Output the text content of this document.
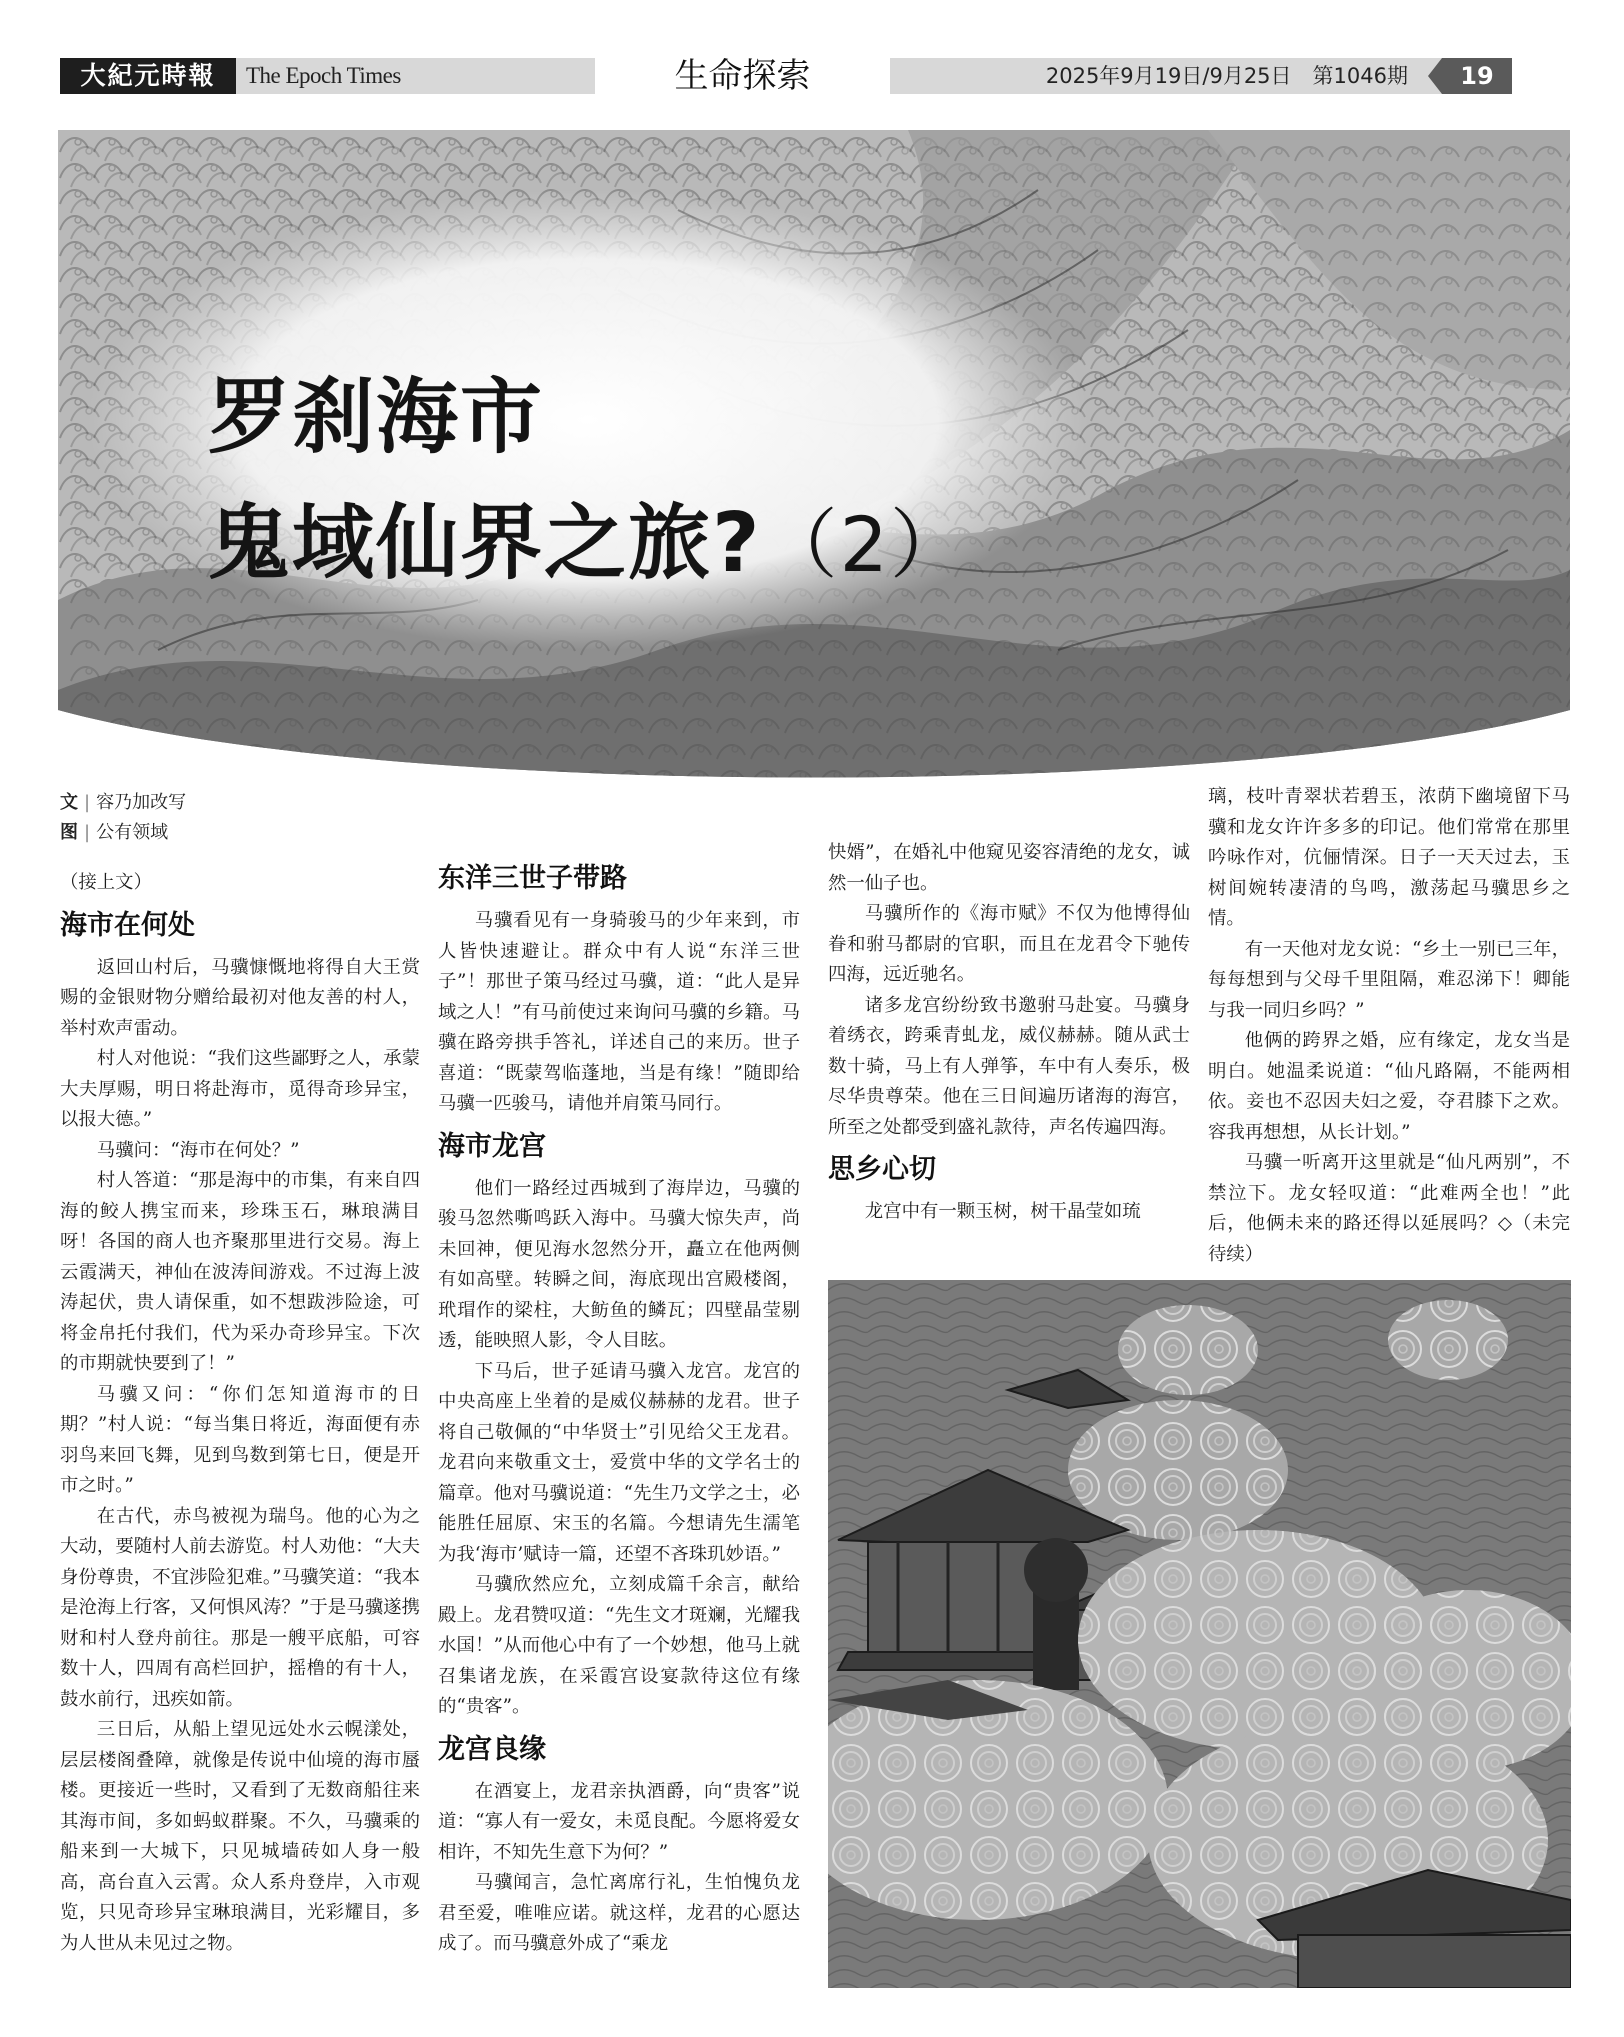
大紀元時報	The Epoch Times	生命探索	2025年9月19日/9月25日　第1046期	19
罗刹海市
鬼域仙界之旅?（2）
文 | 容乃加改写
图 | 公有领域

（接上文）

海市在何处

返回山村后，马骥慷慨地将得自大王赏赐的金银财物分赠给最初对他友善的村人，举村欢声雷动。

村人对他说：“我们这些鄙野之人，承蒙大夫厚赐，明日将赴海市，觅得奇珍异宝，以报大德。”

马骥问：“海市在何处？”

村人答道：“那是海中的市集，有来自四海的鲛人携宝而来，珍珠玉石，琳琅满目呀！各国的商人也齐聚那里进行交易。海上云霞满天，神仙在波涛间游戏。不过海上波涛起伏，贵人请保重，如不想跋涉险途，可将金帛托付我们，代为采办奇珍异宝。下次的市期就快要到了！”

马骥又问：“你们怎知道海市的日期？”村人说：“每当集日将近，海面便有赤羽鸟来回飞舞，见到鸟数到第七日，便是开市之时。”

在古代，赤鸟被视为瑞鸟。他的心为之大动，要随村人前去游览。村人劝他：“大夫身份尊贵，不宜涉险犯难。”马骥笑道：“我本是沧海上行客，又何惧风涛？”于是马骥遂携财和村人登舟前往。那是一艘平底船，可容数十人，四周有高栏回护，摇橹的有十人，鼓水前行，迅疾如箭。

三日后，从船上望见远处水云幌漾处，层层楼阁叠障，就像是传说中仙境的海市蜃楼。更接近一些时，又看到了无数商船往来其海市间，多如蚂蚁群聚。不久，马骥乘的船来到一大城下，只见城墙砖如人身一般高，高台直入云霄。众人系舟登岸，入市观览，只见奇珍异宝琳琅满目，光彩耀目，多为人世从未见过之物。

东洋三世子带路

马骥看见有一身骑骏马的少年来到，市人皆快速避让。群众中有人说“东洋三世子”！那世子策马经过马骥，道：“此人是异域之人！”有马前使过来询问马骥的乡籍。马骥在路旁拱手答礼，详述自己的来历。世子喜道：“既蒙驾临蓬地，当是有缘！”随即给马骥一匹骏马，请他并肩策马同行。

海市龙宫

他们一路经过西城到了海岸边，马骥的骏马忽然嘶鸣跃入海中。马骥大惊失声，尚未回神，便见海水忽然分开，矗立在他两侧有如高壁。转瞬之间，海底现出宫殿楼阁，玳瑁作的梁柱，大鲂鱼的鳞瓦；四壁晶莹剔透，能映照人影，令人目眩。

下马后，世子延请马骥入龙宫。龙宫的中央高座上坐着的是威仪赫赫的龙君。世子将自己敬佩的“中华贤士”引见给父王龙君。龙君向来敬重文士，爱赏中华的文学名士的篇章。他对马骥说道：“先生乃文学之士，必能胜任屈原、宋玉的名篇。今想请先生濡笔为我‘海市’赋诗一篇，还望不吝珠玑妙语。”

马骥欣然应允，立刻成篇千余言，献给殿上。龙君赞叹道：“先生文才斑斓，光耀我水国！”从而他心中有了一个妙想，他马上就召集诸龙族，在采霞宫设宴款待这位有缘的“贵客”。

龙宫良缘

在酒宴上，龙君亲执酒爵，向“贵客”说道：“寡人有一爱女，未觅良配。今愿将爱女相许，不知先生意下为何？”

马骥闻言，急忙离席行礼，生怕愧负龙君至爱，唯唯应诺。就这样，龙君的心愿达成了。而马骥意外成了“乘龙

快婿”，在婚礼中他窥见姿容清绝的龙女，诚然一仙子也。

马骥所作的《海市赋》不仅为他博得仙眷和驸马都尉的官职，而且在龙君令下驰传四海，远近驰名。

诸多龙宫纷纷致书邀驸马赴宴。马骥身着绣衣，跨乘青虬龙，威仪赫赫。随从武士数十骑，马上有人弹筝，车中有人奏乐，极尽华贵尊荣。他在三日间遍历诸海的海宫，所至之处都受到盛礼款待，声名传遍四海。

思乡心切

龙宫中有一颗玉树，树干晶莹如琉

璃，枝叶青翠状若碧玉，浓荫下幽境留下马骥和龙女许许多多的印记。他们常常在那里吟咏作对，伉俪情深。日子一天天过去，玉树间婉转凄清的鸟鸣，激荡起马骥思乡之情。

有一天他对龙女说：“乡土一别已三年，每每想到与父母千里阻隔，难忍涕下！卿能与我一同归乡吗？”

他俩的跨界之婚，应有缘定，龙女当是明白。她温柔说道：“仙凡路隔，不能两相依。妾也不忍因夫妇之爱，夺君膝下之欢。容我再想想，从长计划。”

马骥一听离开这里就是“仙凡两别”，不禁泣下。龙女轻叹道：“此难两全也！”此后，他俩未来的路还得以延展吗？◇（未完待续）
